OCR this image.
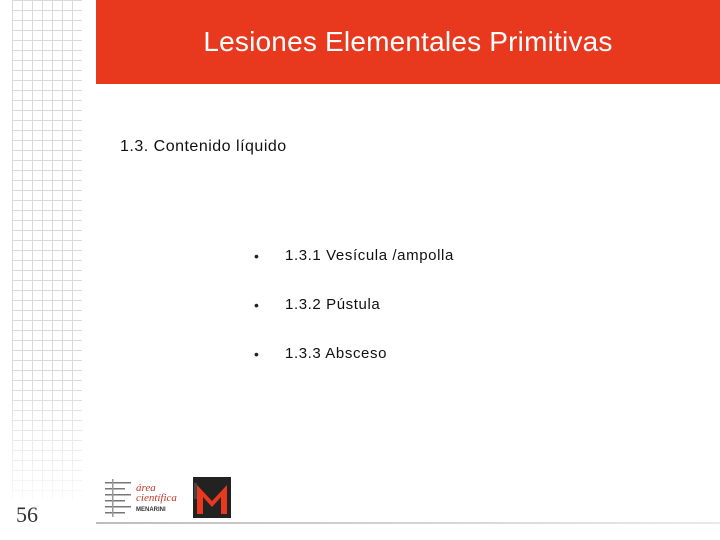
Lesiones Elementales Primitivas
1.3. Contenido líquido
•	1.3.1 Vesícula /ampolla
•	1.3.2 Pústula
•	1.3.3 Absceso
56
área
científica
MENARINI
